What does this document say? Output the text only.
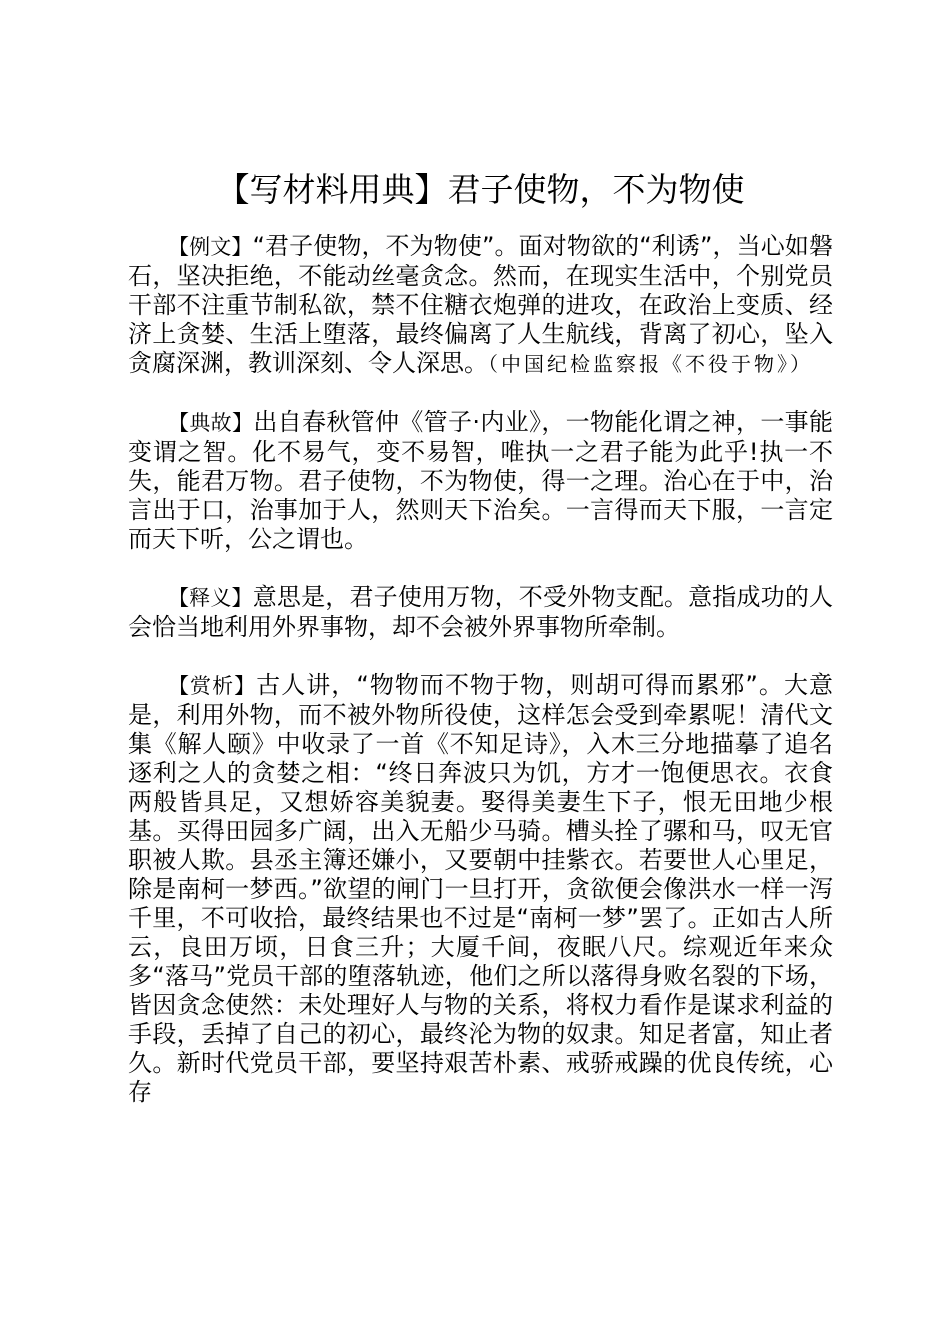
【写材料用典】君子使物，不为物使

【例文】“君子使物，不为物使”。面对物欲的“利诱”，当心如磐石，坚决拒绝，不能动丝毫贪念。然而，在现实生活中，个别党员干部不注重节制私欲，禁不住糖衣炮弹的进攻，在政治上变质、经济上贪婪、生活上堕落，最终偏离了人生航线，背离了初心，坠入贪腐深渊，教训深刻、令人深思。（中国纪检监察报《不役于物》）

【典故】出自春秋管仲《管子·内业》，一物能化谓之神，一事能变谓之智。化不易气，变不易智，唯执一之君子能为此乎!执一不失，能君万物。君子使物，不为物使，得一之理。治心在于中，治言出于口，治事加于人，然则天下治矣。一言得而天下服，一言定而天下听，公之谓也。

【释义】意思是，君子使用万物，不受外物支配。意指成功的人会恰当地利用外界事物，却不会被外界事物所牵制。

【赏析】古人讲，“物物而不物于物，则胡可得而累邪”。大意是，利用外物，而不被外物所役使，这样怎会受到牵累呢！清代文集《解人颐》中收录了一首《不知足诗》，入木三分地描摹了追名逐利之人的贪婪之相：“终日奔波只为饥，方才一饱便思衣。衣食两般皆具足，又想娇容美貌妻。娶得美妻生下子，恨无田地少根基。买得田园多广阔，出入无船少马骑。槽头拴了骡和马，叹无官职被人欺。县丞主簿还嫌小，又要朝中挂紫衣。若要世人心里足，除是南柯一梦西。”欲望的闸门一旦打开，贪欲便会像洪水一样一泻千里，不可收拾，最终结果也不过是“南柯一梦”罢了。正如古人所云，良田万顷，日食三升；大厦千间，夜眠八尺。综观近年来众多“落马”党员干部的堕落轨迹，他们之所以落得身败名裂的下场，皆因贪念使然：未处理好人与物的关系，将权力看作是谋求利益的手段，丢掉了自己的初心，最终沦为物的奴隶。知足者富，知止者久。新时代党员干部，要坚持艰苦朴素、戒骄戒躁的优良传统，心存
